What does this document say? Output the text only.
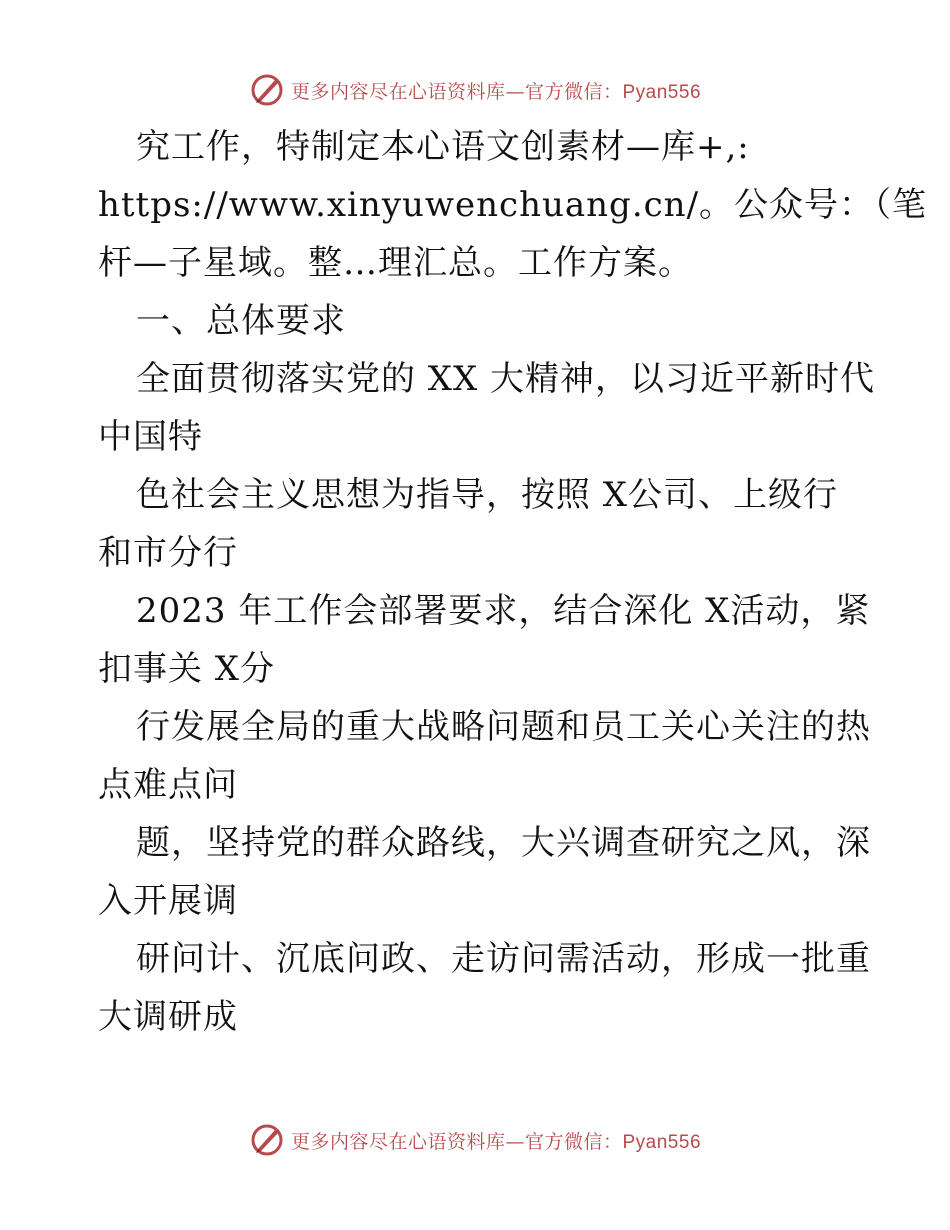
更多内容尽在心语资料库—官方微信：Pyan556
究工作，特制定本心语文创素材—库+,:
https://www.xinyuwenchuang.cn/。公众号：（笔
杆—子星域。整…理汇总。工作方案。
一、总体要求
全面贯彻落实党的 XX 大精神，以习近平新时代
中国特
色社会主义思想为指导，按照 X公司、上级行
和市分行
2023 年工作会部署要求，结合深化 X活动，紧
扣事关 X分
行发展全局的重大战略问题和员工关心关注的热
点难点问
题，坚持党的群众路线，大兴调查研究之风，深
入开展调
研问计、沉底问政、走访问需活动，形成一批重
大调研成
更多内容尽在心语资料库—官方微信：Pyan556
